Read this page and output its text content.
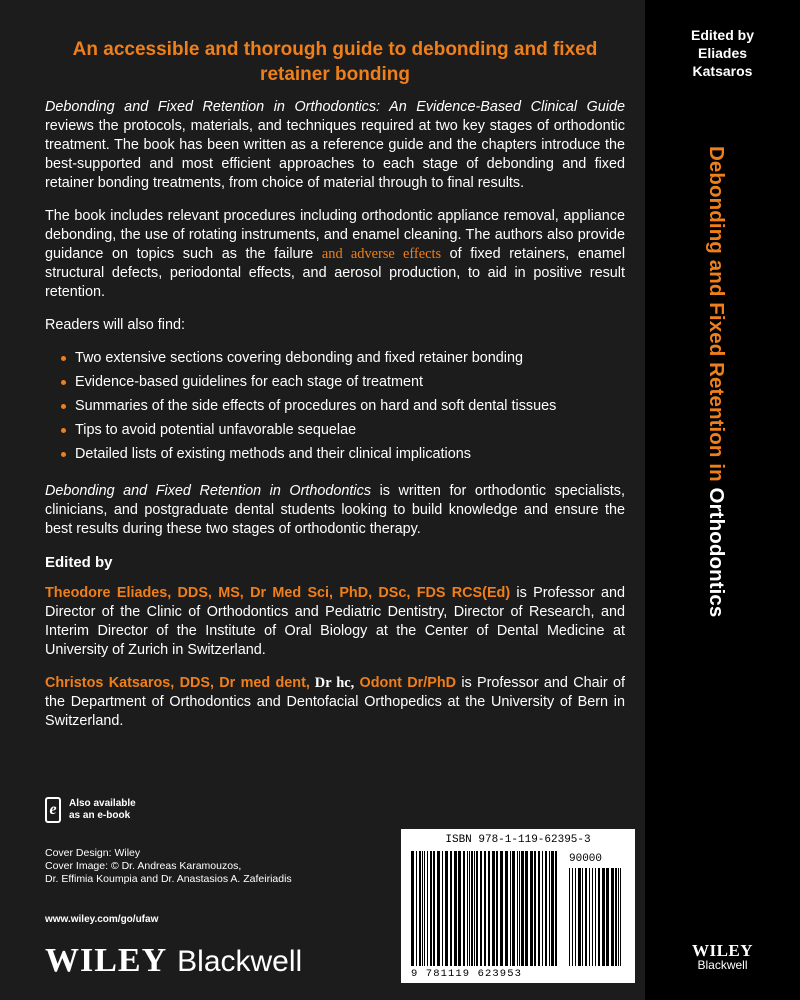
An accessible and thorough guide to debonding and fixed retainer bonding

Debonding and Fixed Retention in Orthodontics: An Evidence-Based Clinical Guide reviews the protocols, materials, and techniques required at two key stages of orthodontic treatment. The book has been written as a reference guide and the chapters introduce the best-supported and most efficient approaches to each stage of debonding and fixed retainer bonding treatments, from choice of material through to final results.

The book includes relevant procedures including orthodontic appliance removal, appliance debonding, the use of rotating instruments, and enamel cleaning. The authors also provide guidance on topics such as the failure and adverse effects of fixed retainers, enamel structural defects, periodontal effects, and aerosol production, to aid in positive result retention.

Readers will also find:

Two extensive sections covering debonding and fixed retainer bonding
Evidence-based guidelines for each stage of treatment
Summaries of the side effects of procedures on hard and soft dental tissues
Tips to avoid potential unfavorable sequelae
Detailed lists of existing methods and their clinical implications

Debonding and Fixed Retention in Orthodontics is written for orthodontic specialists, clinicians, and postgraduate dental students looking to build knowledge and ensure the best results during these two stages of orthodontic therapy.

Edited by

Theodore Eliades, DDS, MS, Dr Med Sci, PhD, DSc, FDS RCS(Ed) is Professor and Director of the Clinic of Orthodontics and Pediatric Dentistry, Director of Research, and Interim Director of the Institute of Oral Biology at the Center of Dental Medicine at University of Zurich in Switzerland.

Christos Katsaros, DDS, Dr med dent, Dr hc, Odont Dr/PhD is Professor and Chair of the Department of Orthodontics and Dentofacial Orthopedics at the University of Bern in Switzerland.

e	Also available
as an e-book
Cover Design: Wiley
Cover Image: © Dr. Andreas Karamouzos,
Dr. Effimia Koumpia and Dr. Anastasios A. Zafeiriadis
www.wiley.com/go/ufaw
WILEY Blackwell
ISBN 978-1-119-62395-3
90000
9 781119 623953
Edited by
Eliades
Katsaros
Debonding and Fixed Retention in Orthodontics
WILEY
Blackwell
